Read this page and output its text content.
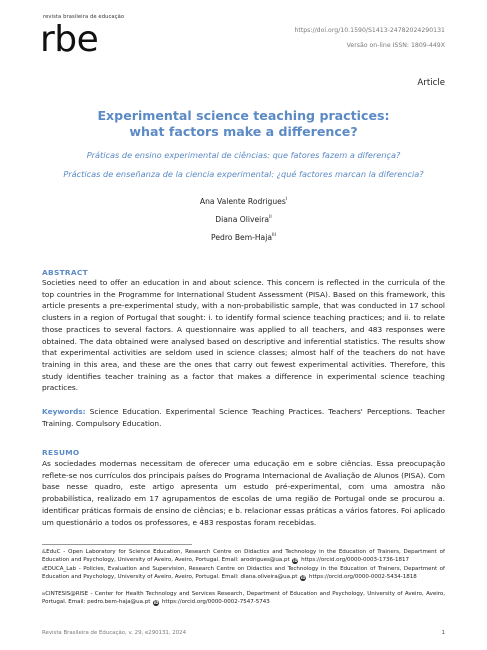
revista brasileira de educação
rbe	https://doi.org/10.1590/S1413-24782024290131
Versão on-line ISSN: 1809-449X
Article
Experimental science teaching practices:
what factors make a difference?
Práticas de ensino experimental de ciências: que fatores fazem a diferença?
Prácticas de enseñanza de la ciencia experimental: ¿qué factores marcan la diferencia?
Ana Valente Rodrigues$^I$
Diana Oliveira$^{II}$
Pedro Bem-Haja$^{III}$
ABSTRACT
Societies need to offer an education in and about science. This concern is reflected in the curricula of the top countries in the Programme for International Student Assessment (PISA). Based on this framework, this article presents a pre-experimental study, with a non-probabilistic sample, that was conducted in 17 school clusters in a region of Portugal that sought: i. to identify formal science teaching practices; and ii. to relate those practices to several factors. A questionnaire was applied to all teachers, and 483 responses were obtained. The data obtained were analysed based on descriptive and inferential statistics. The results show that experimental activities are seldom used in science classes; almost half of the teachers do not have training in this area, and these are the ones that carry out fewest experimental activities. Therefore, this study identifies teacher training as a factor that makes a difference in experimental science teaching practices.
Keywords: Science Education. Experimental Science Teaching Practices. Teachers' Perceptions. Teacher Training. Compulsory Education.
RESUMO
As sociedades modernas necessitam de oferecer uma educação em e sobre ciências. Essa preocupação reflete-se nos currículos dos principais países do Programa Internacional de Avaliação de Alunos (PISA). Com base nesse quadro, este artigo apresenta um estudo pré-experimental, com uma amostra não probabilística, realizado em 17 agrupamentos de escolas de uma região de Portugal onde se procurou a. identificar práticas formais de ensino de ciências; e b. relacionar essas práticas a vários fatores. Foi aplicado um questionário a todos os professores, e 483 respostas foram recebidas.
$^I$LEduC - Open Laboratory for Science Education, Research Centre on Didactics and Technology in the Education of Trainers, Department of Education and Psychology, University of Aveiro, Aveiro, Portugal. Email: arodrigues@ua.pt iD https://orcid.org/0000-0003-1736-1817
$^{II}$EDUCA_Lab - Policies, Evaluation and Supervision, Research Centre on Didactics and Technology in the Education of Trainers, Department of Education and Psychology, University of Aveiro, Aveiro, Portugal. Email: diana.oliveira@ua.pt iD https://orcid.org/0000-0002-5434-1818
$^{III}$CINTESIS@RISE - Center for Health Technology and Services Research, Department of Education and Psychology, University of Aveiro, Aveiro, Portugal. Email: pedro.bem-haja@ua.pt iD https://orcid.org/0000-0002-7547-5743
Revista Brasileira de Educação, v. 29, e290131, 2024	1
